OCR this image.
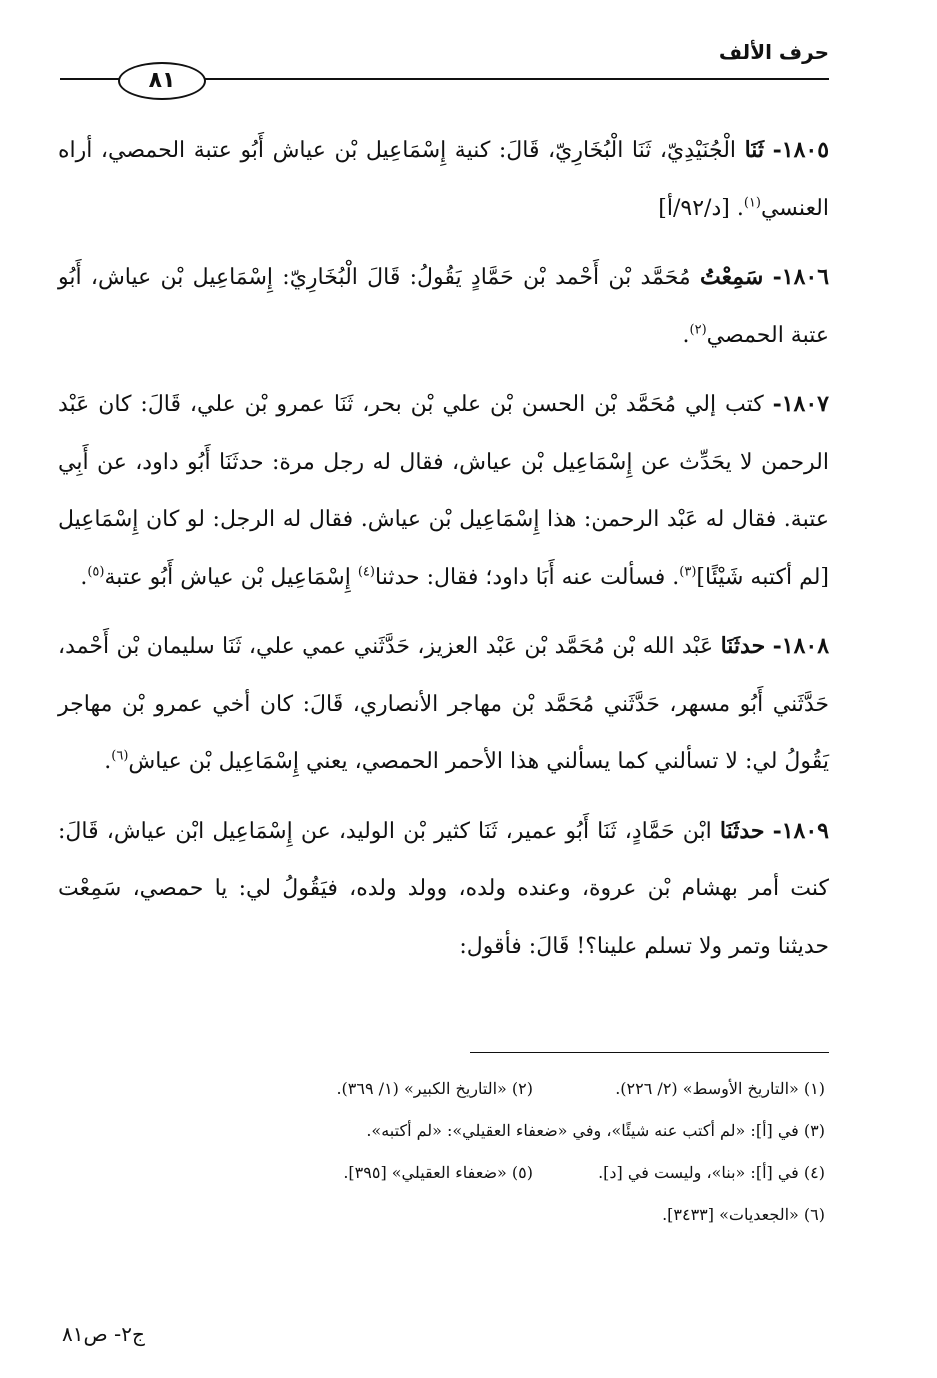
حرف الألف
٨١

١٨٠٥- ثَنَا الْجُنَيْدِيّ، ثَنَا الْبُخَارِيّ، قَالَ: كنية إِسْمَاعِيل بْن عياش أَبُو عتبة الحمصي، أراه العنسي$^{(١)}$. [د/٩٢/أ]

١٨٠٦- سَمِعْتُ مُحَمَّد بْن أَحْمد بْن حَمَّادٍ يَقُولُ: قَالَ الْبُخَارِيّ: إِسْمَاعِيل بْن عياش، أَبُو عتبة الحمصي$^{(٢)}$.

١٨٠٧- كتب إلي مُحَمَّد بْن الحسن بْن علي بْن بحر، ثَنَا عمرو بْن علي، قَالَ: كان عَبْد الرحمن لا يحَدِّث عن إِسْمَاعِيل بْن عياش، فقال له رجل مرة: حدثَنَا أَبُو داود، عن أَبِي عتبة. فقال له عَبْد الرحمن: هذا إِسْمَاعِيل بْن عياش. فقال له الرجل: لو كان إِسْمَاعِيل [لم أكتبه شَيْئًا]$^{(٣)}$. فسألت عنه أَبَا داود؛ فقال: حدثنا$^{(٤)}$ إِسْمَاعِيل بْن عياش أَبُو عتبة$^{(٥)}$.

١٨٠٨- حدثَنَا عَبْد الله بْن مُحَمَّد بْن عَبْد العزيز، حَدَّثَني عمي علي، ثَنَا سليمان بْن أَحْمد، حَدَّثَني أَبُو مسهر، حَدَّثَني مُحَمَّد بْن مهاجر الأنصاري، قَالَ: كان أخي عمرو بْن مهاجر يَقُولُ لي: لا تسألني كما يسألني هذا الأحمر الحمصي، يعني إِسْمَاعِيل بْن عياش$^{(٦)}$.

١٨٠٩- حدثَنَا ابْن حَمَّادٍ، ثَنَا أَبُو عمير، ثَنَا كثير بْن الوليد، عن إِسْمَاعِيل ابْن عياش، قَالَ: كنت أمر بهشام بْن عروة، وعنده ولده، وولد ولده، فيَقُولُ لي: يا حمصي، سَمِعْت حديثنا وتمر ولا تسلم علينا؟! قَالَ: فأقول:

(١) «التاريخ الأوسط» (٢/ ٢٢٦).
(٢) «التاريخ الكبير» (١/ ٣٦٩).
(٣) في [أ]: «لم أكتب عنه شيئًا»، وفي «ضعفاء العقيلي»: «لم أكتبه».
(٤) في [أ]: «بنا»، وليست في [د].
(٥) «ضعفاء العقيلي» [٣٩٥].
(٦) «الجعديات» [٣٤٣٣].
ج٢- ص٨١
